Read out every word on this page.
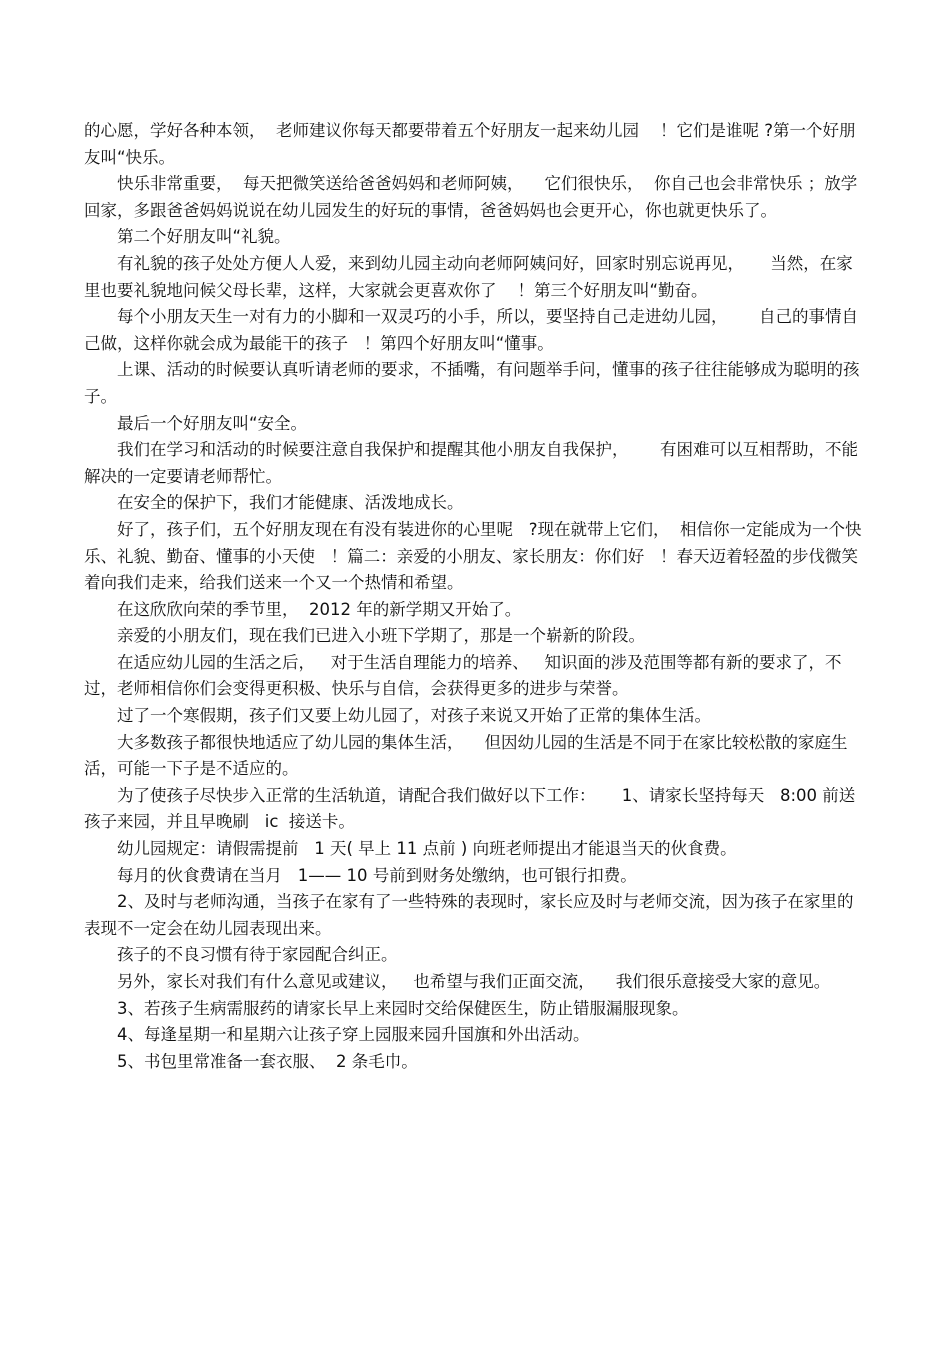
的心愿，学好各种本领，  老师建议你每天都要带着五个好朋友一起来幼儿园    ！它们是谁呢 ?第一个好朋友叫“快乐。

快乐非常重要，  每天把微笑送给爸爸妈妈和老师阿姨，    它们很快乐，  你自己也会非常快乐 ；放学回家，多跟爸爸妈妈说说在幼儿园发生的好玩的事情，爸爸妈妈也会更开心，你也就更快乐了。

第二个好朋友叫“礼貌。

有礼貌的孩子处处方便人人爱，来到幼儿园主动向老师阿姨问好，回家时别忘说再见，     当然，在家里也要礼貌地问候父母长辈，这样，大家就会更喜欢你了    ！第三个好朋友叫“勤奋。

每个小朋友天生一对有力的小脚和一双灵巧的小手，所以，要坚持自己走进幼儿园，      自己的事情自己做，这样你就会成为最能干的孩子   ！第四个好朋友叫“懂事。

上课、活动的时候要认真听请老师的要求，不插嘴，有问题举手问，懂事的孩子往往能够成为聪明的孩子。

最后一个好朋友叫“安全。

我们在学习和活动的时候要注意自我保护和提醒其他小朋友自我保护，      有困难可以互相帮助，不能解决的一定要请老师帮忙。

在安全的保护下，我们才能健康、活泼地成长。

好了，孩子们，五个好朋友现在有没有装进你的心里呢   ?现在就带上它们，  相信你一定能成为一个快乐、礼貌、勤奋、懂事的小天使   ！篇二：亲爱的小朋友、家长朋友：你们好   ！春天迈着轻盈的步伐微笑着向我们走来，给我们送来一个又一个热情和希望。

在这欣欣向荣的季节里，  2012 年的新学期又开始了。

亲爱的小朋友们，现在我们已进入小班下学期了，那是一个崭新的阶段。

在适应幼儿园的生活之后，   对于生活自理能力的培养、   知识面的涉及范围等都有新的要求了，不过，老师相信你们会变得更积极、快乐与自信，会获得更多的进步与荣誉。

过了一个寒假期，孩子们又要上幼儿园了，对孩子来说又开始了正常的集体生活。

大多数孩子都很快地适应了幼儿园的集体生活，    但因幼儿园的生活是不同于在家比较松散的家庭生活，可能一下子是不适应的。

为了使孩子尽快步入正常的生活轨道，请配合我们做好以下工作：     1、请家长坚持每天   8:00 前送孩子来园，并且早晚刷   ic  接送卡。

幼儿园规定：请假需提前   1 天( 早上 11 点前 ) 向班老师提出才能退当天的伙食费。

每月的伙食费请在当月   1—— 10 号前到财务处缴纳，也可银行扣费。

2、及时与老师沟通，当孩子在家有了一些特殊的表现时，家长应及时与老师交流，因为孩子在家里的表现不一定会在幼儿园表现出来。

孩子的不良习惯有待于家园配合纠正。

另外，家长对我们有什么意见或建议，   也希望与我们正面交流，    我们很乐意接受大家的意见。

3、若孩子生病需服药的请家长早上来园时交给保健医生，防止错服漏服现象。

4、每逢星期一和星期六让孩子穿上园服来园升国旗和外出活动。

5、书包里常准备一套衣服、  2 条毛巾。
